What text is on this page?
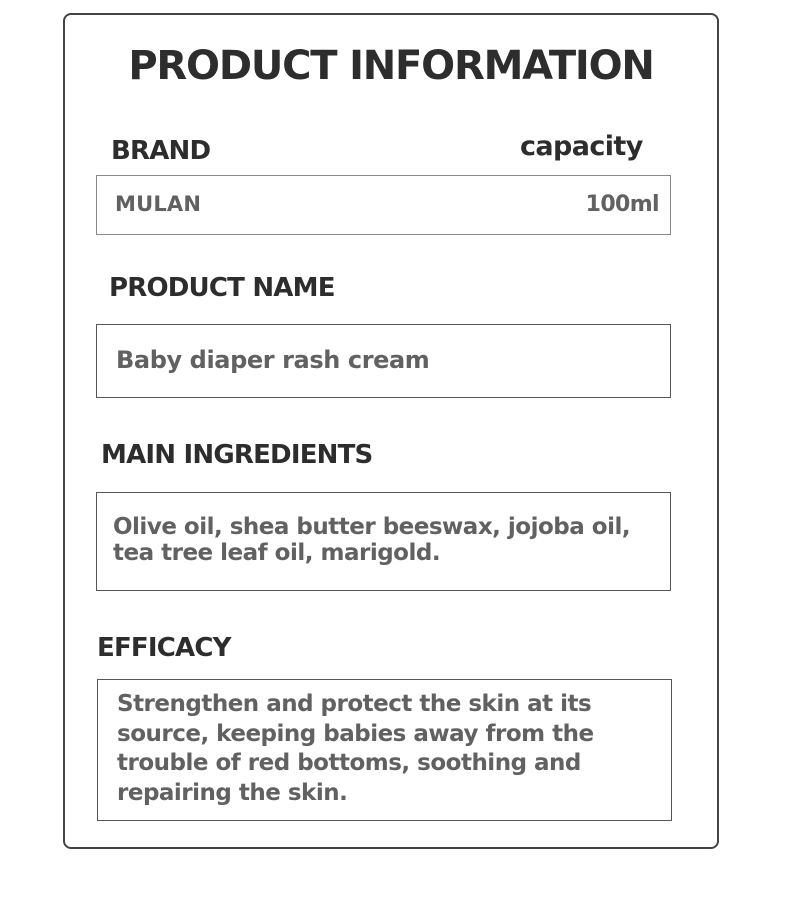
PRODUCT INFORMATION
BRAND	capacity
MULAN	100ml
PRODUCT NAME
Baby diaper rash cream
MAIN INGREDIENTS
Olive oil, shea butter beeswax, jojoba oil,
tea tree leaf oil, marigold.
EFFICACY
Strengthen and protect the skin at its
source, keeping babies away from the
trouble of red bottoms, soothing and
repairing the skin.
